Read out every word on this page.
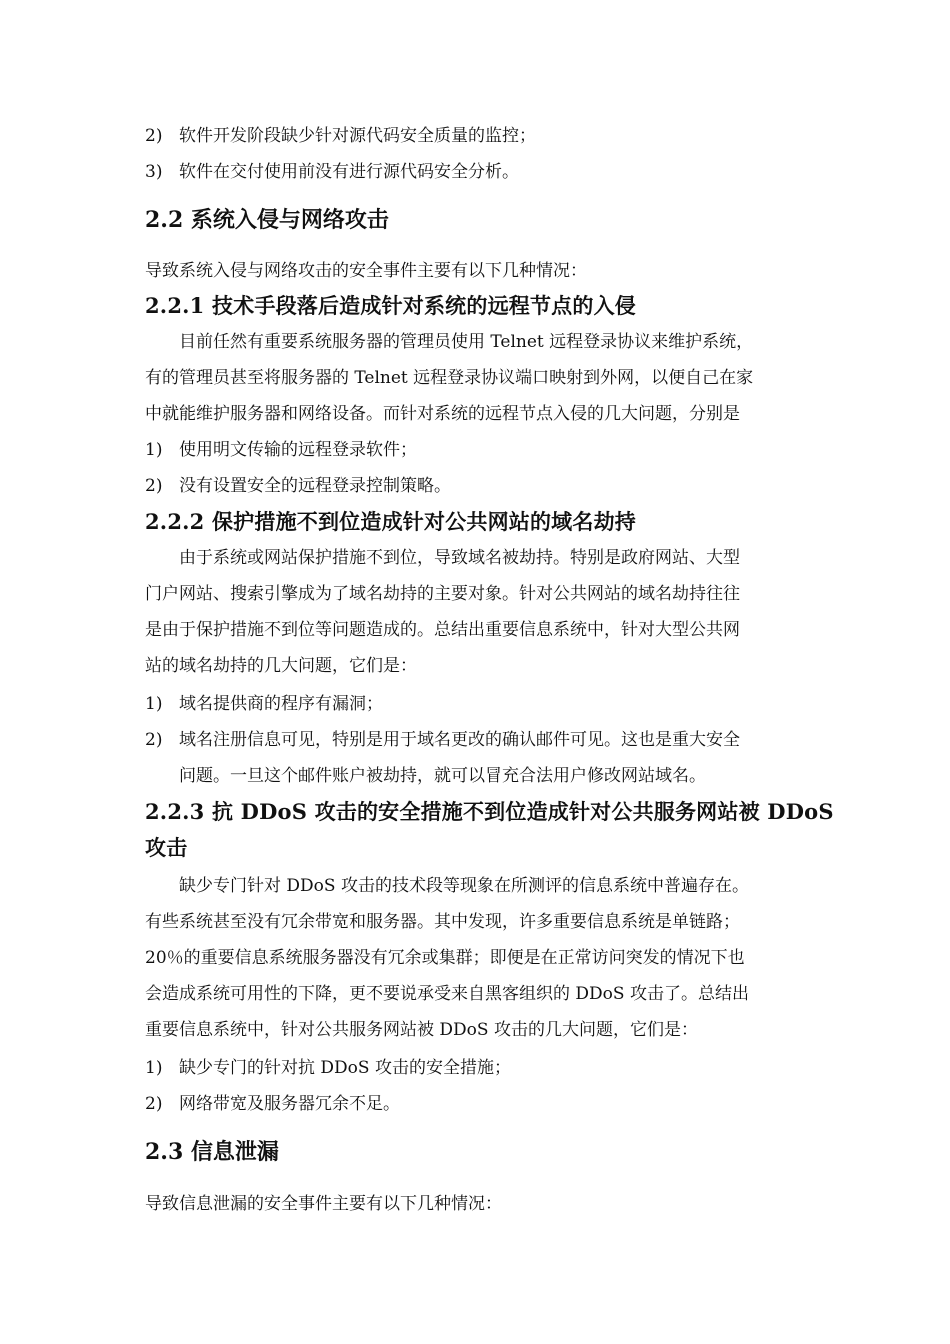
2) 软件开发阶段缺少针对源代码安全质量的监控；
3) 软件在交付使用前没有进行源代码安全分析。
2.2 系统入侵与网络攻击
导致系统入侵与网络攻击的安全事件主要有以下几种情况：
2.2.1 技术手段落后造成针对系统的远程节点的入侵
目前任然有重要系统服务器的管理员使用 Telnet 远程登录协议来维护系统，
有的管理员甚至将服务器的 Telnet 远程登录协议端口映射到外网，以便自己在家
中就能维护服务器和网络设备。而针对系统的远程节点入侵的几大问题，分别是
1) 使用明文传输的远程登录软件；
2) 没有设置安全的远程登录控制策略。
2.2.2 保护措施不到位造成针对公共网站的域名劫持
由于系统或网站保护措施不到位，导致域名被劫持。特别是政府网站、大型
门户网站、搜索引擎成为了域名劫持的主要对象。针对公共网站的域名劫持往往
是由于保护措施不到位等问题造成的。总结出重要信息系统中，针对大型公共网
站的域名劫持的几大问题，它们是：
1) 域名提供商的程序有漏洞；
2) 域名注册信息可见，特别是用于域名更改的确认邮件可见。这也是重大安全
问题。一旦这个邮件账户被劫持，就可以冒充合法用户修改网站域名。
2.2.3 抗 DDoS 攻击的安全措施不到位造成针对公共服务网站被 DDoS
攻击
缺少专门针对 DDoS 攻击的技术段等现象在所测评的信息系统中普遍存在。
有些系统甚至没有冗余带宽和服务器。其中发现，许多重要信息系统是单链路；
20％的重要信息系统服务器没有冗余或集群；即便是在正常访问突发的情况下也
会造成系统可用性的下降，更不要说承受来自黑客组织的 DDoS 攻击了。总结出
重要信息系统中，针对公共服务网站被 DDoS 攻击的几大问题，它们是：
1) 缺少专门的针对抗 DDoS 攻击的安全措施；
2) 网络带宽及服务器冗余不足。
2.3 信息泄漏
导致信息泄漏的安全事件主要有以下几种情况：
